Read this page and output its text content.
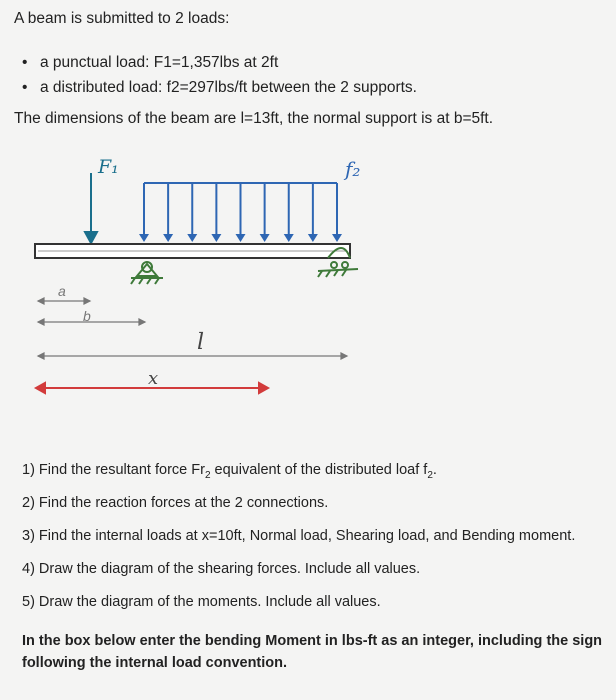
A beam is submitted to 2 loads:
• a punctual load: F1=1,357lbs at 2ft
• a distributed load: f2=297lbs/ft between the 2 supports.
The dimensions of the beam are l=13ft, the normal support is at b=5ft.
F₁	f₂
a
b
l
x
1) Find the resultant force $Fr_2$ equivalent of the distributed loaf $f_2$.
2) Find the reaction forces at the 2 connections.
3) Find the internal loads at x=10ft, Normal load, Shearing load, and Bending moment.
4) Draw the diagram of the shearing forces. Include all values.
5) Draw the diagram of the moments. Include all values.
In the box below enter the bending Moment in lbs-ft as an integer, including the sign following the internal load convention.
